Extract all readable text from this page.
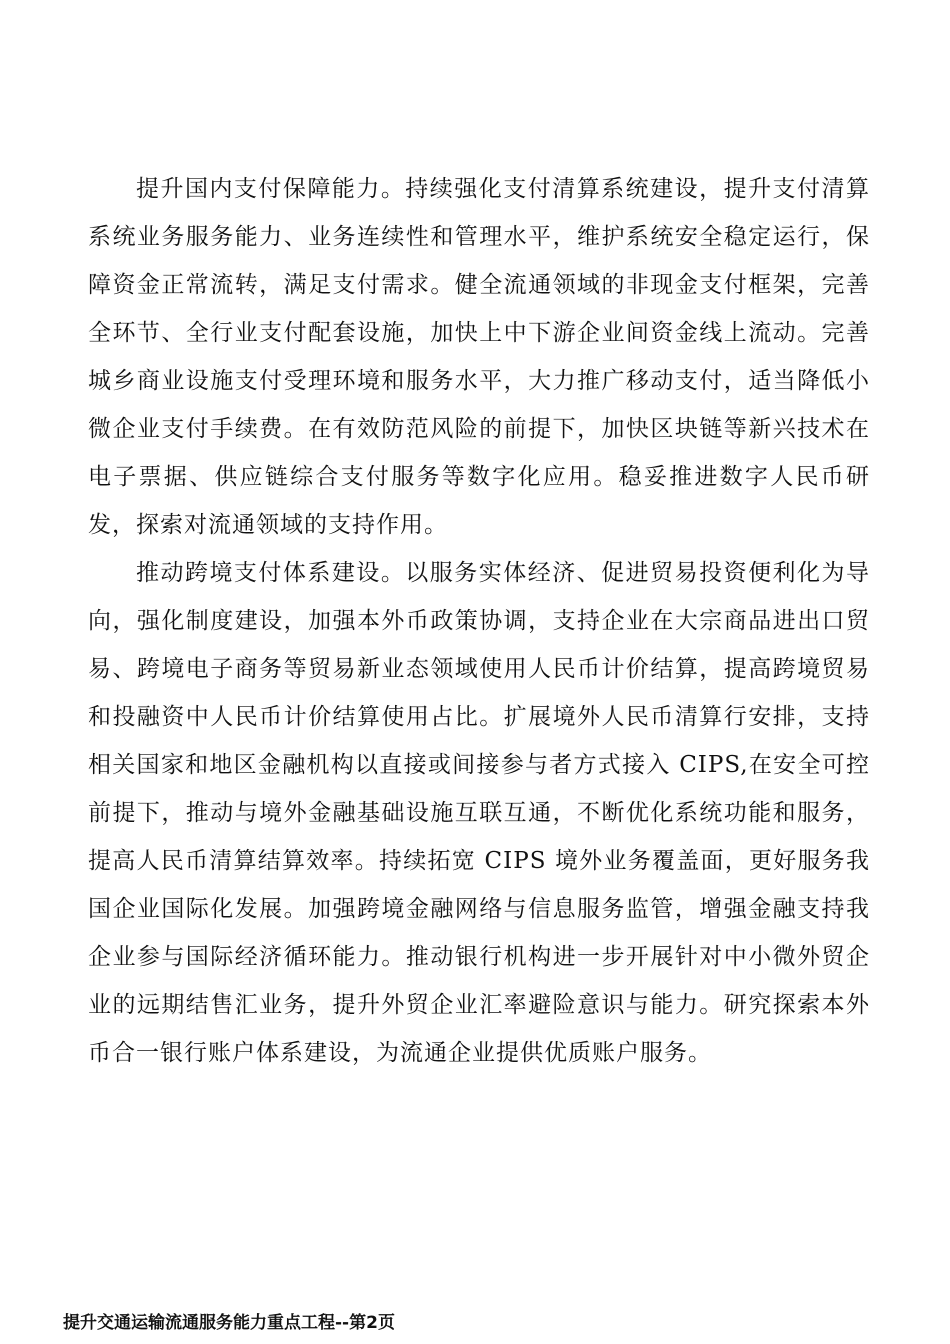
提升国内支付保障能力。持续强化支付清算系统建设，提升支付清算系统业务服务能力、业务连续性和管理水平，维护系统安全稳定运行，保障资金正常流转，满足支付需求。健全流通领域的非现金支付框架，完善全环节、全行业支付配套设施，加快上中下游企业间资金线上流动。完善城乡商业设施支付受理环境和服务水平，大力推广移动支付，适当降低小微企业支付手续费。在有效防范风险的前提下，加快区块链等新兴技术在电子票据、供应链综合支付服务等数字化应用。稳妥推进数字人民币研发，探索对流通领域的支持作用。

推动跨境支付体系建设。以服务实体经济、促进贸易投资便利化为导向，强化制度建设，加强本外币政策协调，支持企业在大宗商品进出口贸易、跨境电子商务等贸易新业态领域使用人民币计价结算，提高跨境贸易和投融资中人民币计价结算使用占比。扩展境外人民币清算行安排，支持相关国家和地区金融机构以直接或间接参与者方式接入 CIPS,在安全可控前提下，推动与境外金融基础设施互联互通，不断优化系统功能和服务，提高人民币清算结算效率。持续拓宽 CIPS 境外业务覆盖面，更好服务我国企业国际化发展。加强跨境金融网络与信息服务监管，增强金融支持我企业参与国际经济循环能力。推动银行机构进一步开展针对中小微外贸企业的远期结售汇业务，提升外贸企业汇率避险意识与能力。研究探索本外币合一银行账户体系建设，为流通企业提供优质账户服务。

提升交通运输流通服务能力重点工程--第2页
